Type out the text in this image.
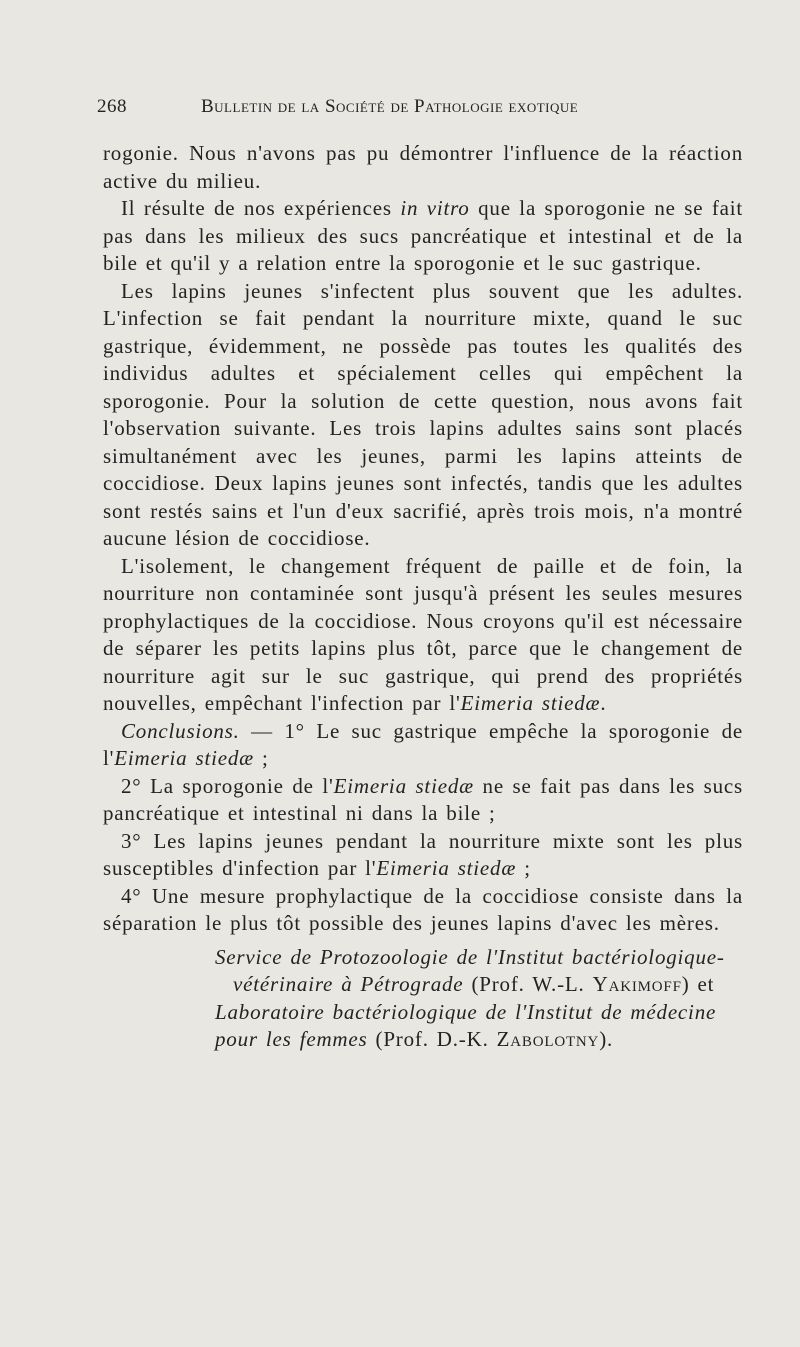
268	Bulletin de la Société de Pathologie exotique

rogonie. Nous n'avons pas pu démontrer l'influence de la réaction active du milieu.

Il résulte de nos expériences in vitro que la sporogonie ne se fait pas dans les milieux des sucs pancréatique et intestinal et de la bile et qu'il y a relation entre la sporogonie et le suc gastrique.

Les lapins jeunes s'infectent plus souvent que les adultes. L'infection se fait pendant la nourriture mixte, quand le suc gastrique, évidemment, ne possède pas toutes les qualités des individus adultes et spécialement celles qui empêchent la sporogonie. Pour la solution de cette question, nous avons fait l'observation suivante. Les trois lapins adultes sains sont placés simultanément avec les jeunes, parmi les lapins atteints de coccidiose. Deux lapins jeunes sont infectés, tandis que les adultes sont restés sains et l'un d'eux sacrifié, après trois mois, n'a montré aucune lésion de coccidiose.

L'isolement, le changement fréquent de paille et de foin, la nourriture non contaminée sont jusqu'à présent les seules mesures prophylactiques de la coccidiose. Nous croyons qu'il est nécessaire de séparer les petits lapins plus tôt, parce que le changement de nourriture agit sur le suc gastrique, qui prend des propriétés nouvelles, empêchant l'infection par l'Eimeria stiedæ.

Conclusions. — 1° Le suc gastrique empêche la sporogonie de l'Eimeria stiedæ ;

2° La sporogonie de l'Eimeria stiedæ ne se fait pas dans les sucs pancréatique et intestinal ni dans la bile ;

3° Les lapins jeunes pendant la nourriture mixte sont les plus susceptibles d'infection par l'Eimeria stiedæ ;

4° Une mesure prophylactique de la coccidiose consiste dans la séparation le plus tôt possible des jeunes lapins d'avec les mères.

Service de Protozoologie de l'Institut bactériologique-
vétérinaire à Pétrograde (Prof. W.-L. Yakimoff) et
Laboratoire bactériologique de l'Institut de médecine
pour les femmes (Prof. D.-K. Zabolotny).
